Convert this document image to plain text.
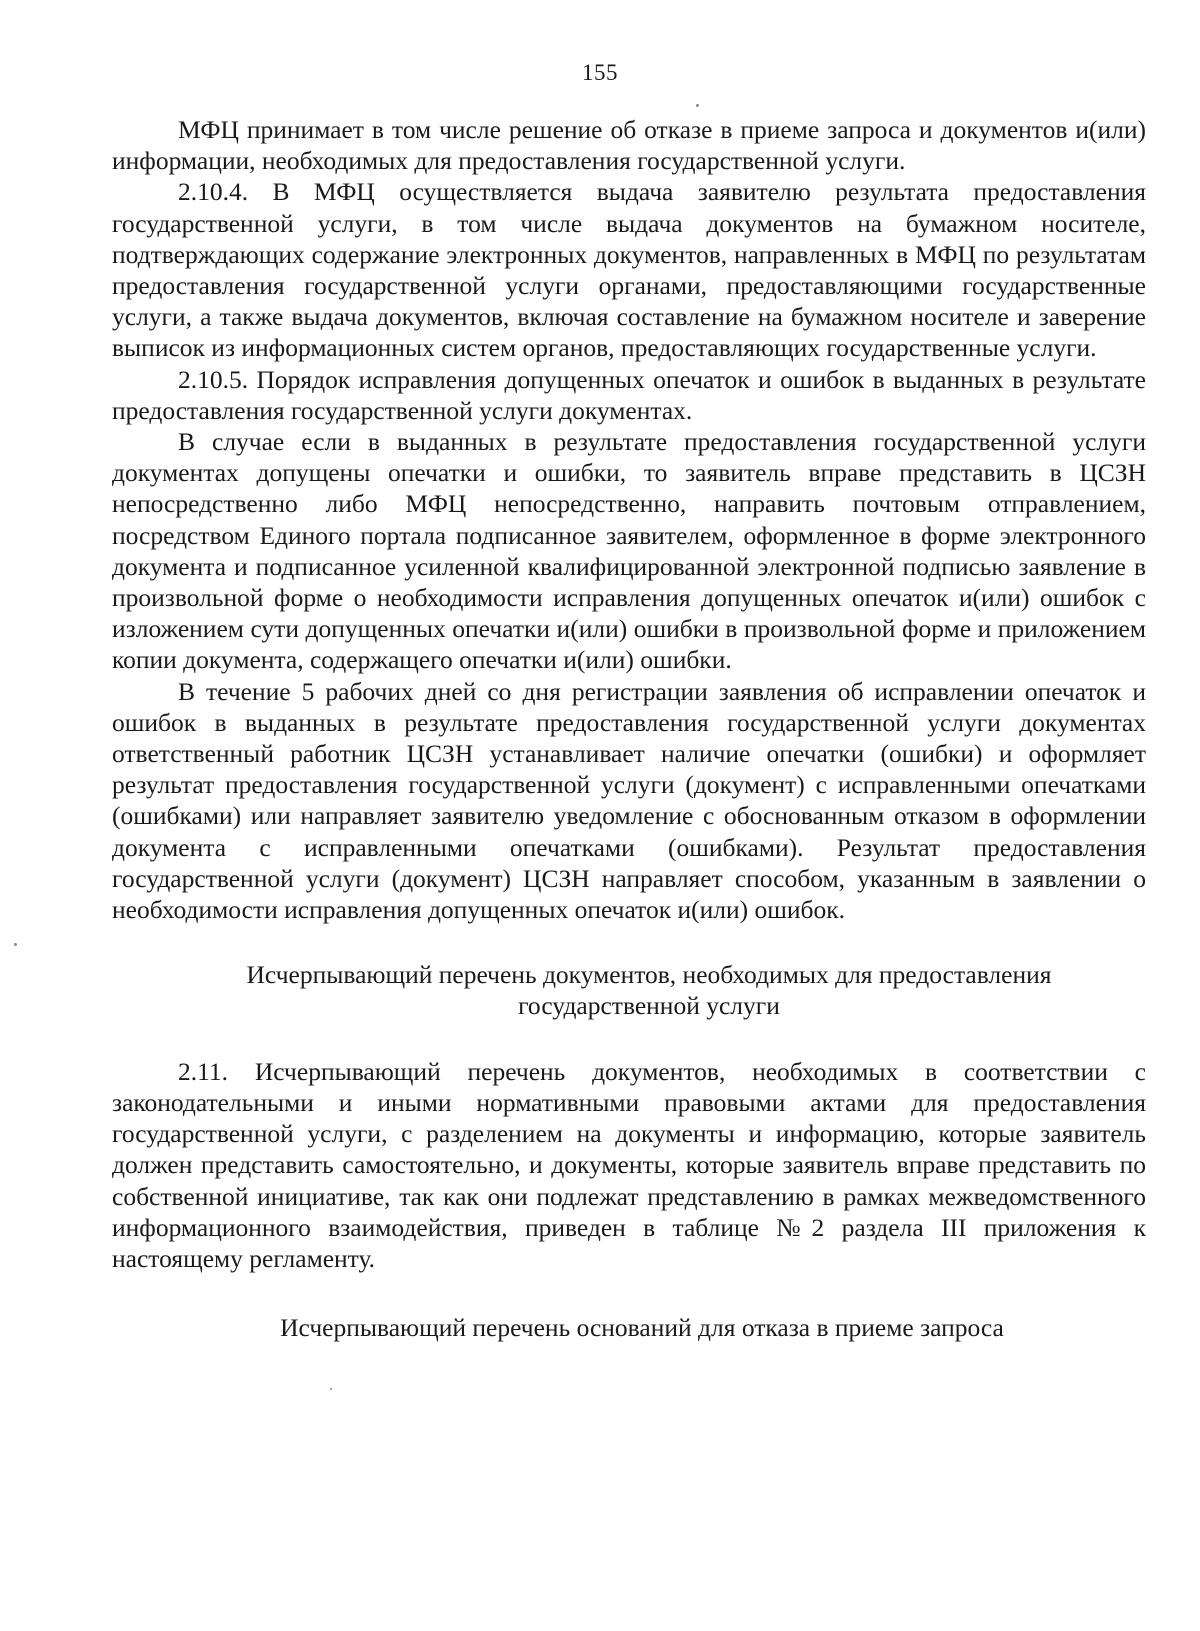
155

МФЦ принимает в том числе решение об отказе в приеме запроса и документов и(или) информации, необходимых для предоставления государственной услуги.

2.10.4. В МФЦ осуществляется выдача заявителю результата предоставления государственной услуги, в том числе выдача документов на бумажном носителе, подтверждающих содержание электронных документов, направленных в МФЦ по результатам предоставления государственной услуги органами, предоставляющими государственные услуги, а также выдача документов, включая составление на бумажном носителе и заверение выписок из информационных систем органов, предоставляющих государственные услуги.

2.10.5. Порядок исправления допущенных опечаток и ошибок в выданных в результате предоставления государственной услуги документах.

В случае если в выданных в результате предоставления государственной услуги документах допущены опечатки и ошибки, то заявитель вправе представить в ЦСЗН непосредственно либо МФЦ непосредственно, направить почтовым отправлением, посредством Единого портала подписанное заявителем, оформленное в форме электронного документа и подписанное усиленной квалифицированной электронной подписью заявление в произвольной форме о необходимости исправления допущенных опечаток и(или) ошибок с изложением сути допущенных опечатки и(или) ошибки в произвольной форме и приложением копии документа, содержащего опечатки и(или) ошибки.

В течение 5 рабочих дней со дня регистрации заявления об исправлении опечаток и ошибок в выданных в результате предоставления государственной услуги документах ответственный работник ЦСЗН устанавливает наличие опечатки (ошибки) и оформляет результат предоставления государственной услуги (документ) с исправленными опечатками (ошибками) или направляет заявителю уведомление с обоснованным отказом в оформлении документа с исправленными опечатками (ошибками). Результат предоставления государственной услуги (документ) ЦСЗН направляет способом, указанным в заявлении о необходимости исправления допущенных опечаток и(или) ошибок.

Исчерпывающий перечень документов, необходимых для предоставления
государственной услуги

2.11. Исчерпывающий перечень документов, необходимых в соответствии с законодательными и иными нормативными правовыми актами для предоставления государственной услуги, с разделением на документы и информацию, которые заявитель должен представить самостоятельно, и документы, которые заявитель вправе представить по собственной инициативе, так как они подлежат представлению в рамках межведомственного информационного взаимодействия, приведен в таблице №2 раздела III приложения к настоящему регламенту.

Исчерпывающий перечень оснований для отказа в приеме запроса
